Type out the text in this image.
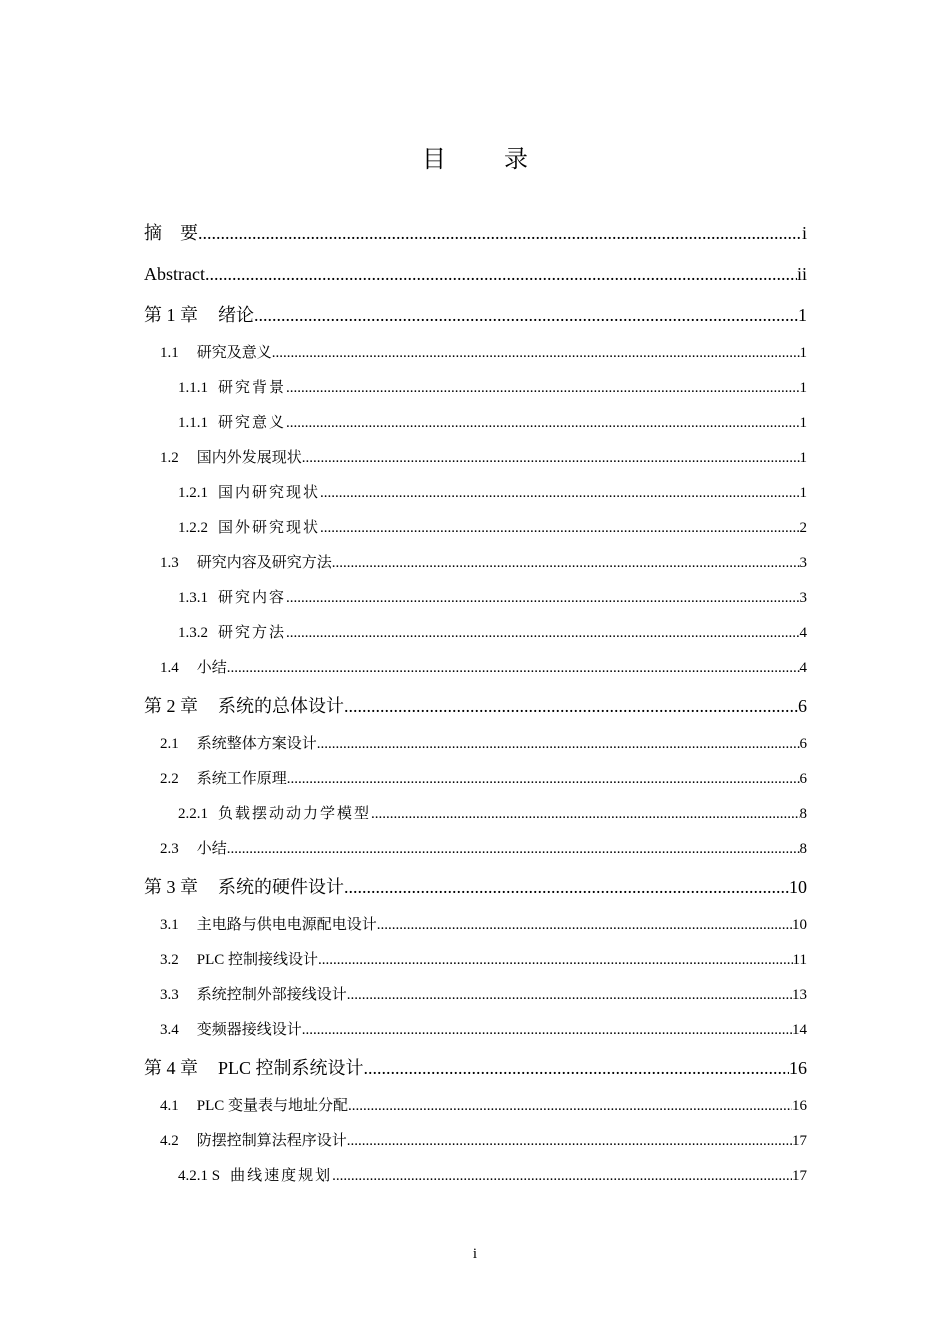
目 录
摘    要 .....	i
Abstract .....	ii
第 1 章 绪论 .....	1
1.1 研究及意义 .....	1
1.1.1 研究背景 .....	1
1.1.1 研究意义 .....	1
1.2 国内外发展现状 .....	1
1.2.1 国内研究现状 .....	1
1.2.2 国外研究现状 .....	2
1.3 研究内容及研究方法 .....	3
1.3.1 研究内容 .....	3
1.3.2 研究方法 .....	4
1.4 小结 .....	4
第 2 章 系统的总体设计 .....	6
2.1 系统整体方案设计 .....	6
2.2 系统工作原理 .....	6
2.2.1 负载摆动动力学模型 .....	8
2.3 小结 .....	8
第 3 章 系统的硬件设计 .....	10
3.1 主电路与供电电源配电设计 .....	10
3.2 PLC 控制接线设计 .....	11
3.3 系统控制外部接线设计 .....	13
3.4 变频器接线设计 .....	14
第 4 章 PLC 控制系统设计 .....	16
4.1 PLC 变量表与地址分配 .....	16
4.2 防摆控制算法程序设计 .....	17
4.2.1 S 曲线速度规划 .....	17
i
